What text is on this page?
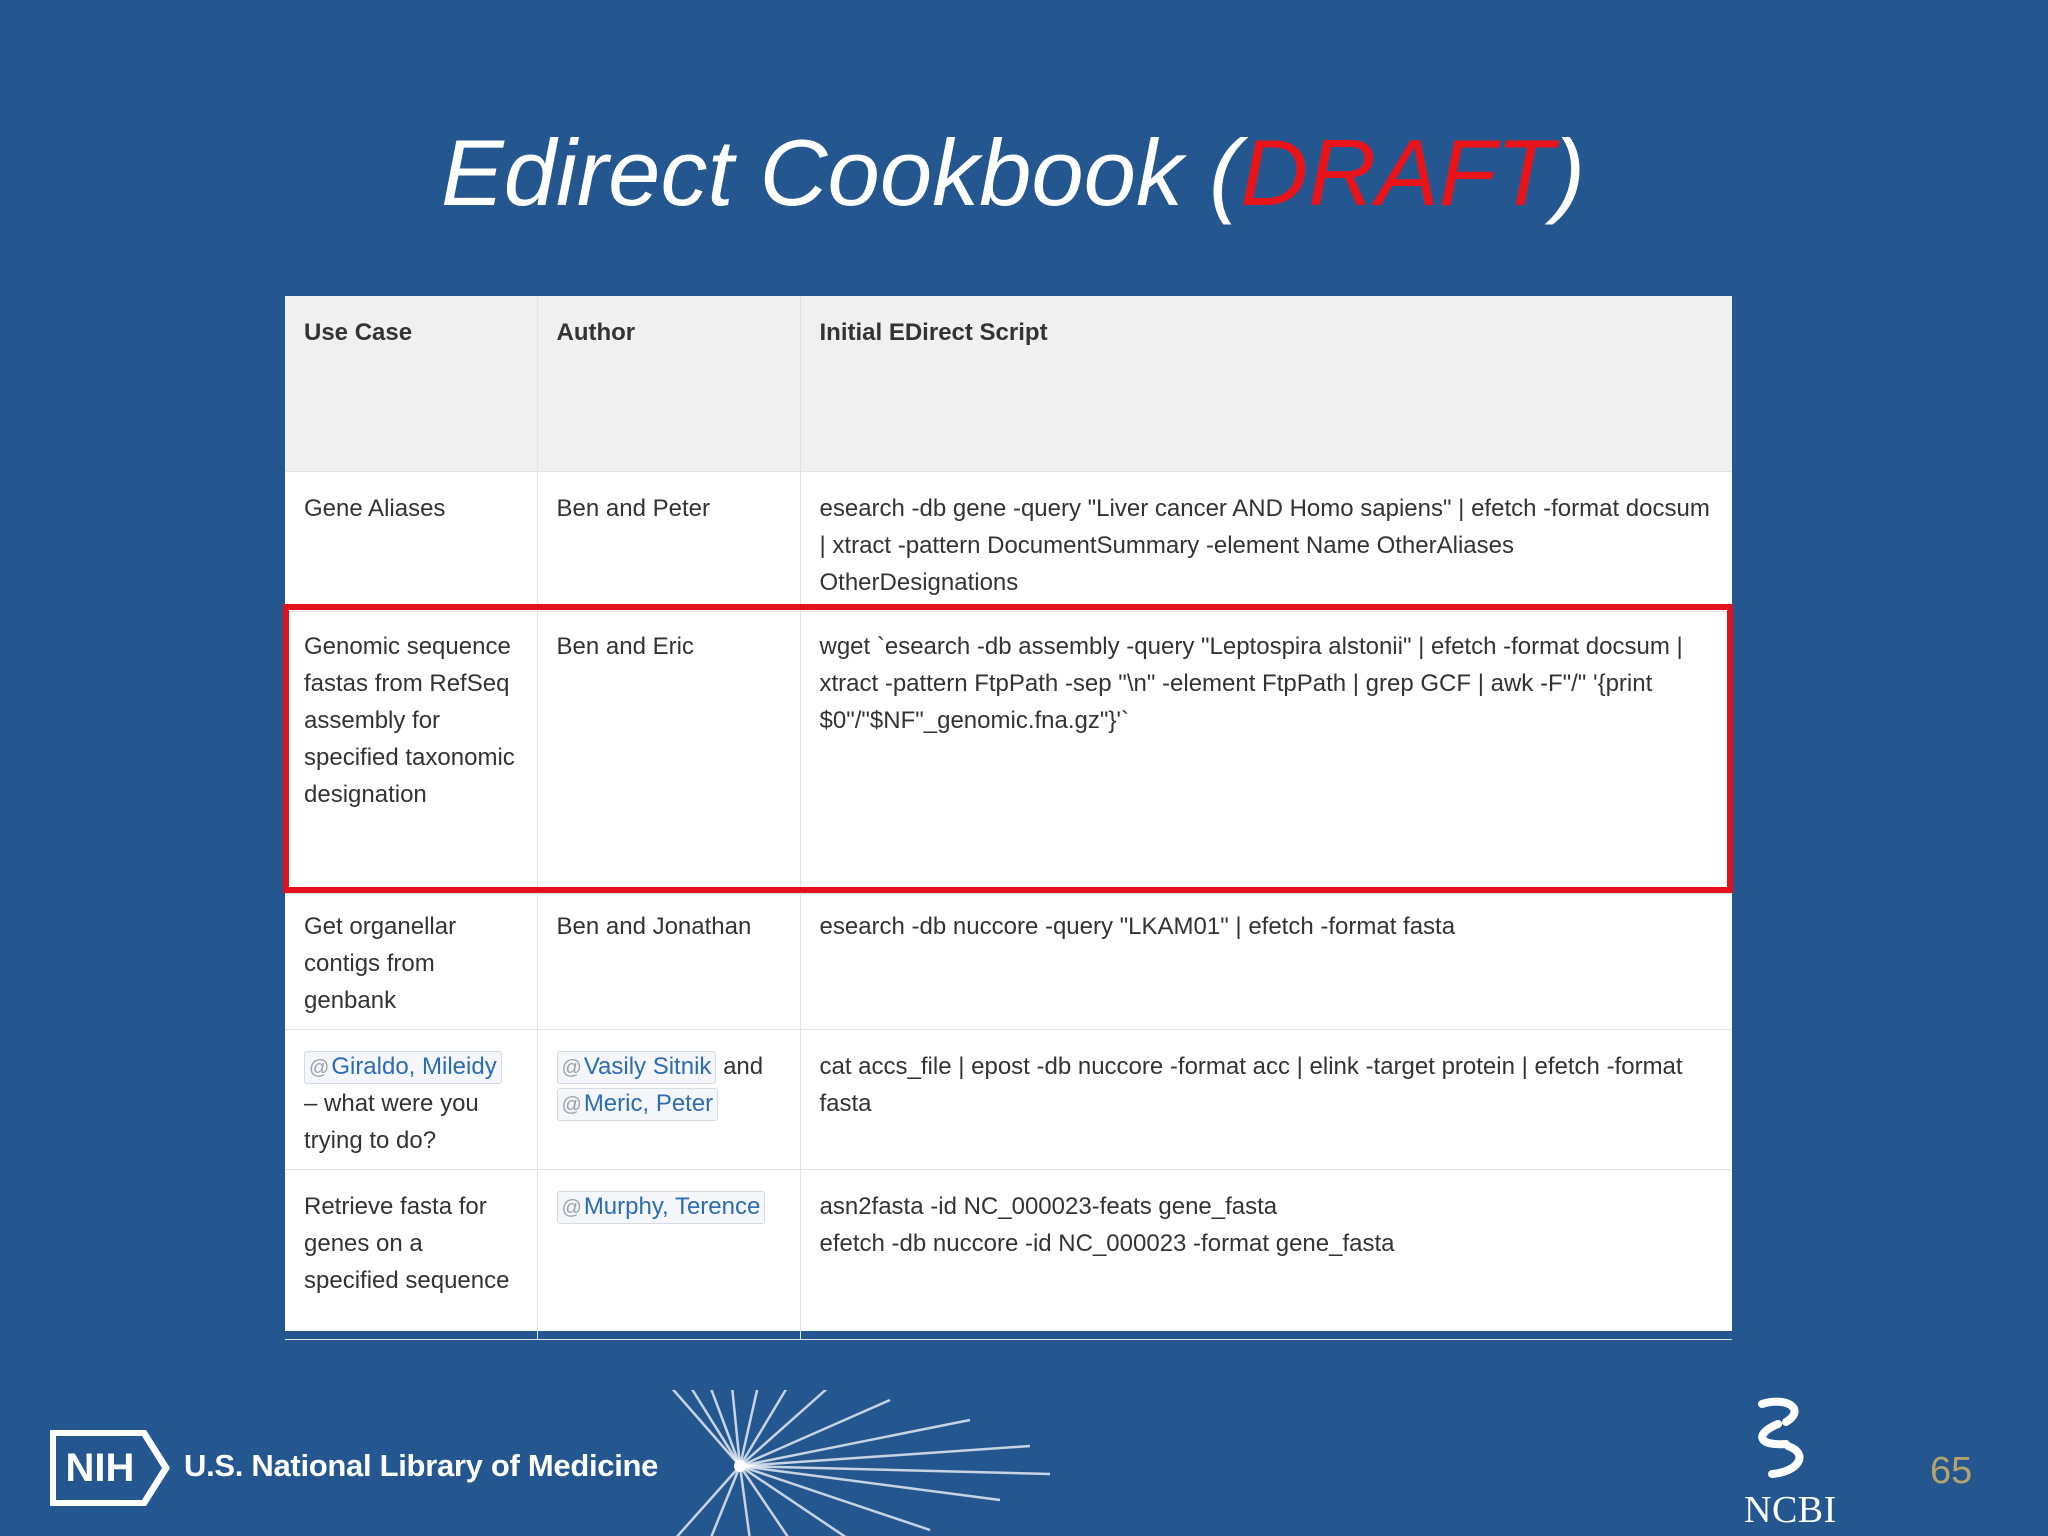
Edirect Cookbook (DRAFT)
Use Case	Author	Initial EDirect Script
Gene Aliases	Ben and Peter	esearch -db gene -query "Liver cancer AND Homo sapiens" | efetch -format docsum | xtract -pattern DocumentSummary -element Name OtherAliases OtherDesignations
Genomic sequence fastas from RefSeq assembly for specified taxonomic designation	Ben and Eric	wget `esearch -db assembly -query "Leptospira alstonii" | efetch -format docsum | xtract -pattern FtpPath -sep "\n" -element FtpPath | grep GCF | awk -F"/" '{print $0"/"$NF"_genomic.fna.gz"}'`
Get organellar contigs from genbank	Ben and Jonathan	esearch -db nuccore -query "LKAM01" | efetch -format fasta
@Giraldo, Mileidy – what were you trying to do?	@Vasily Sitnik and @Meric, Peter	cat accs_file | epost -db nuccore -format acc | elink -target protein | efetch -format fasta
Retrieve fasta for genes on a specified sequence	@Murphy, Terence	asn2fasta -id NC_000023-feats gene_fasta
efetch -db nuccore -id NC_000023 -format gene_fasta
NIH U.S. National Library of Medicine
NCBI
65
